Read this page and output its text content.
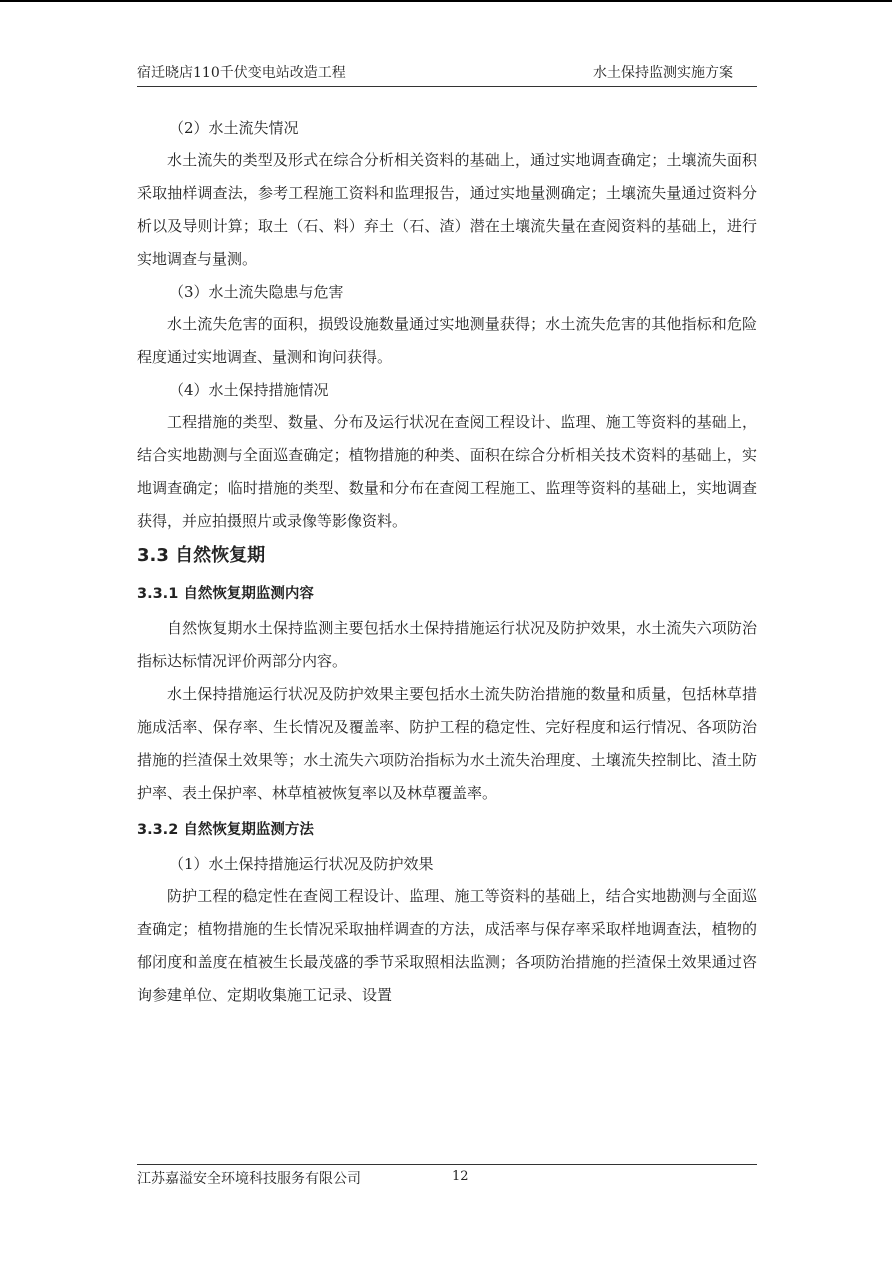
宿迁晓店110千伏变电站改造工程	水土保持监测实施方案

（2）水土流失情况

水土流失的类型及形式在综合分析相关资料的基础上，通过实地调查确定；土壤流失面积采取抽样调查法，参考工程施工资料和监理报告，通过实地量测确定；土壤流失量通过资料分析以及导则计算；取土（石、料）弃土（石、渣）潜在土壤流失量在查阅资料的基础上，进行实地调查与量测。

（3）水土流失隐患与危害

水土流失危害的面积，损毁设施数量通过实地测量获得；水土流失危害的其他指标和危险程度通过实地调查、量测和询问获得。

（4）水土保持措施情况

工程措施的类型、数量、分布及运行状况在查阅工程设计、监理、施工等资料的基础上，结合实地勘测与全面巡查确定；植物措施的种类、面积在综合分析相关技术资料的基础上，实地调查确定；临时措施的类型、数量和分布在查阅工程施工、监理等资料的基础上，实地调查获得，并应拍摄照片或录像等影像资料。

3.3 自然恢复期

3.3.1 自然恢复期监测内容

自然恢复期水土保持监测主要包括水土保持措施运行状况及防护效果，水土流失六项防治指标达标情况评价两部分内容。

水土保持措施运行状况及防护效果主要包括水土流失防治措施的数量和质量，包括林草措施成活率、保存率、生长情况及覆盖率、防护工程的稳定性、完好程度和运行情况、各项防治措施的拦渣保土效果等；水土流失六项防治指标为水土流失治理度、土壤流失控制比、渣土防护率、表土保护率、林草植被恢复率以及林草覆盖率。

3.3.2 自然恢复期监测方法

（1）水土保持措施运行状况及防护效果

防护工程的稳定性在查阅工程设计、监理、施工等资料的基础上，结合实地勘测与全面巡查确定；植物措施的生长情况采取抽样调查的方法，成活率与保存率采取样地调查法，植物的郁闭度和盖度在植被生长最茂盛的季节采取照相法监测；各项防治措施的拦渣保土效果通过咨询参建单位、定期收集施工记录、设置

江苏嘉溢安全环境科技服务有限公司	12
